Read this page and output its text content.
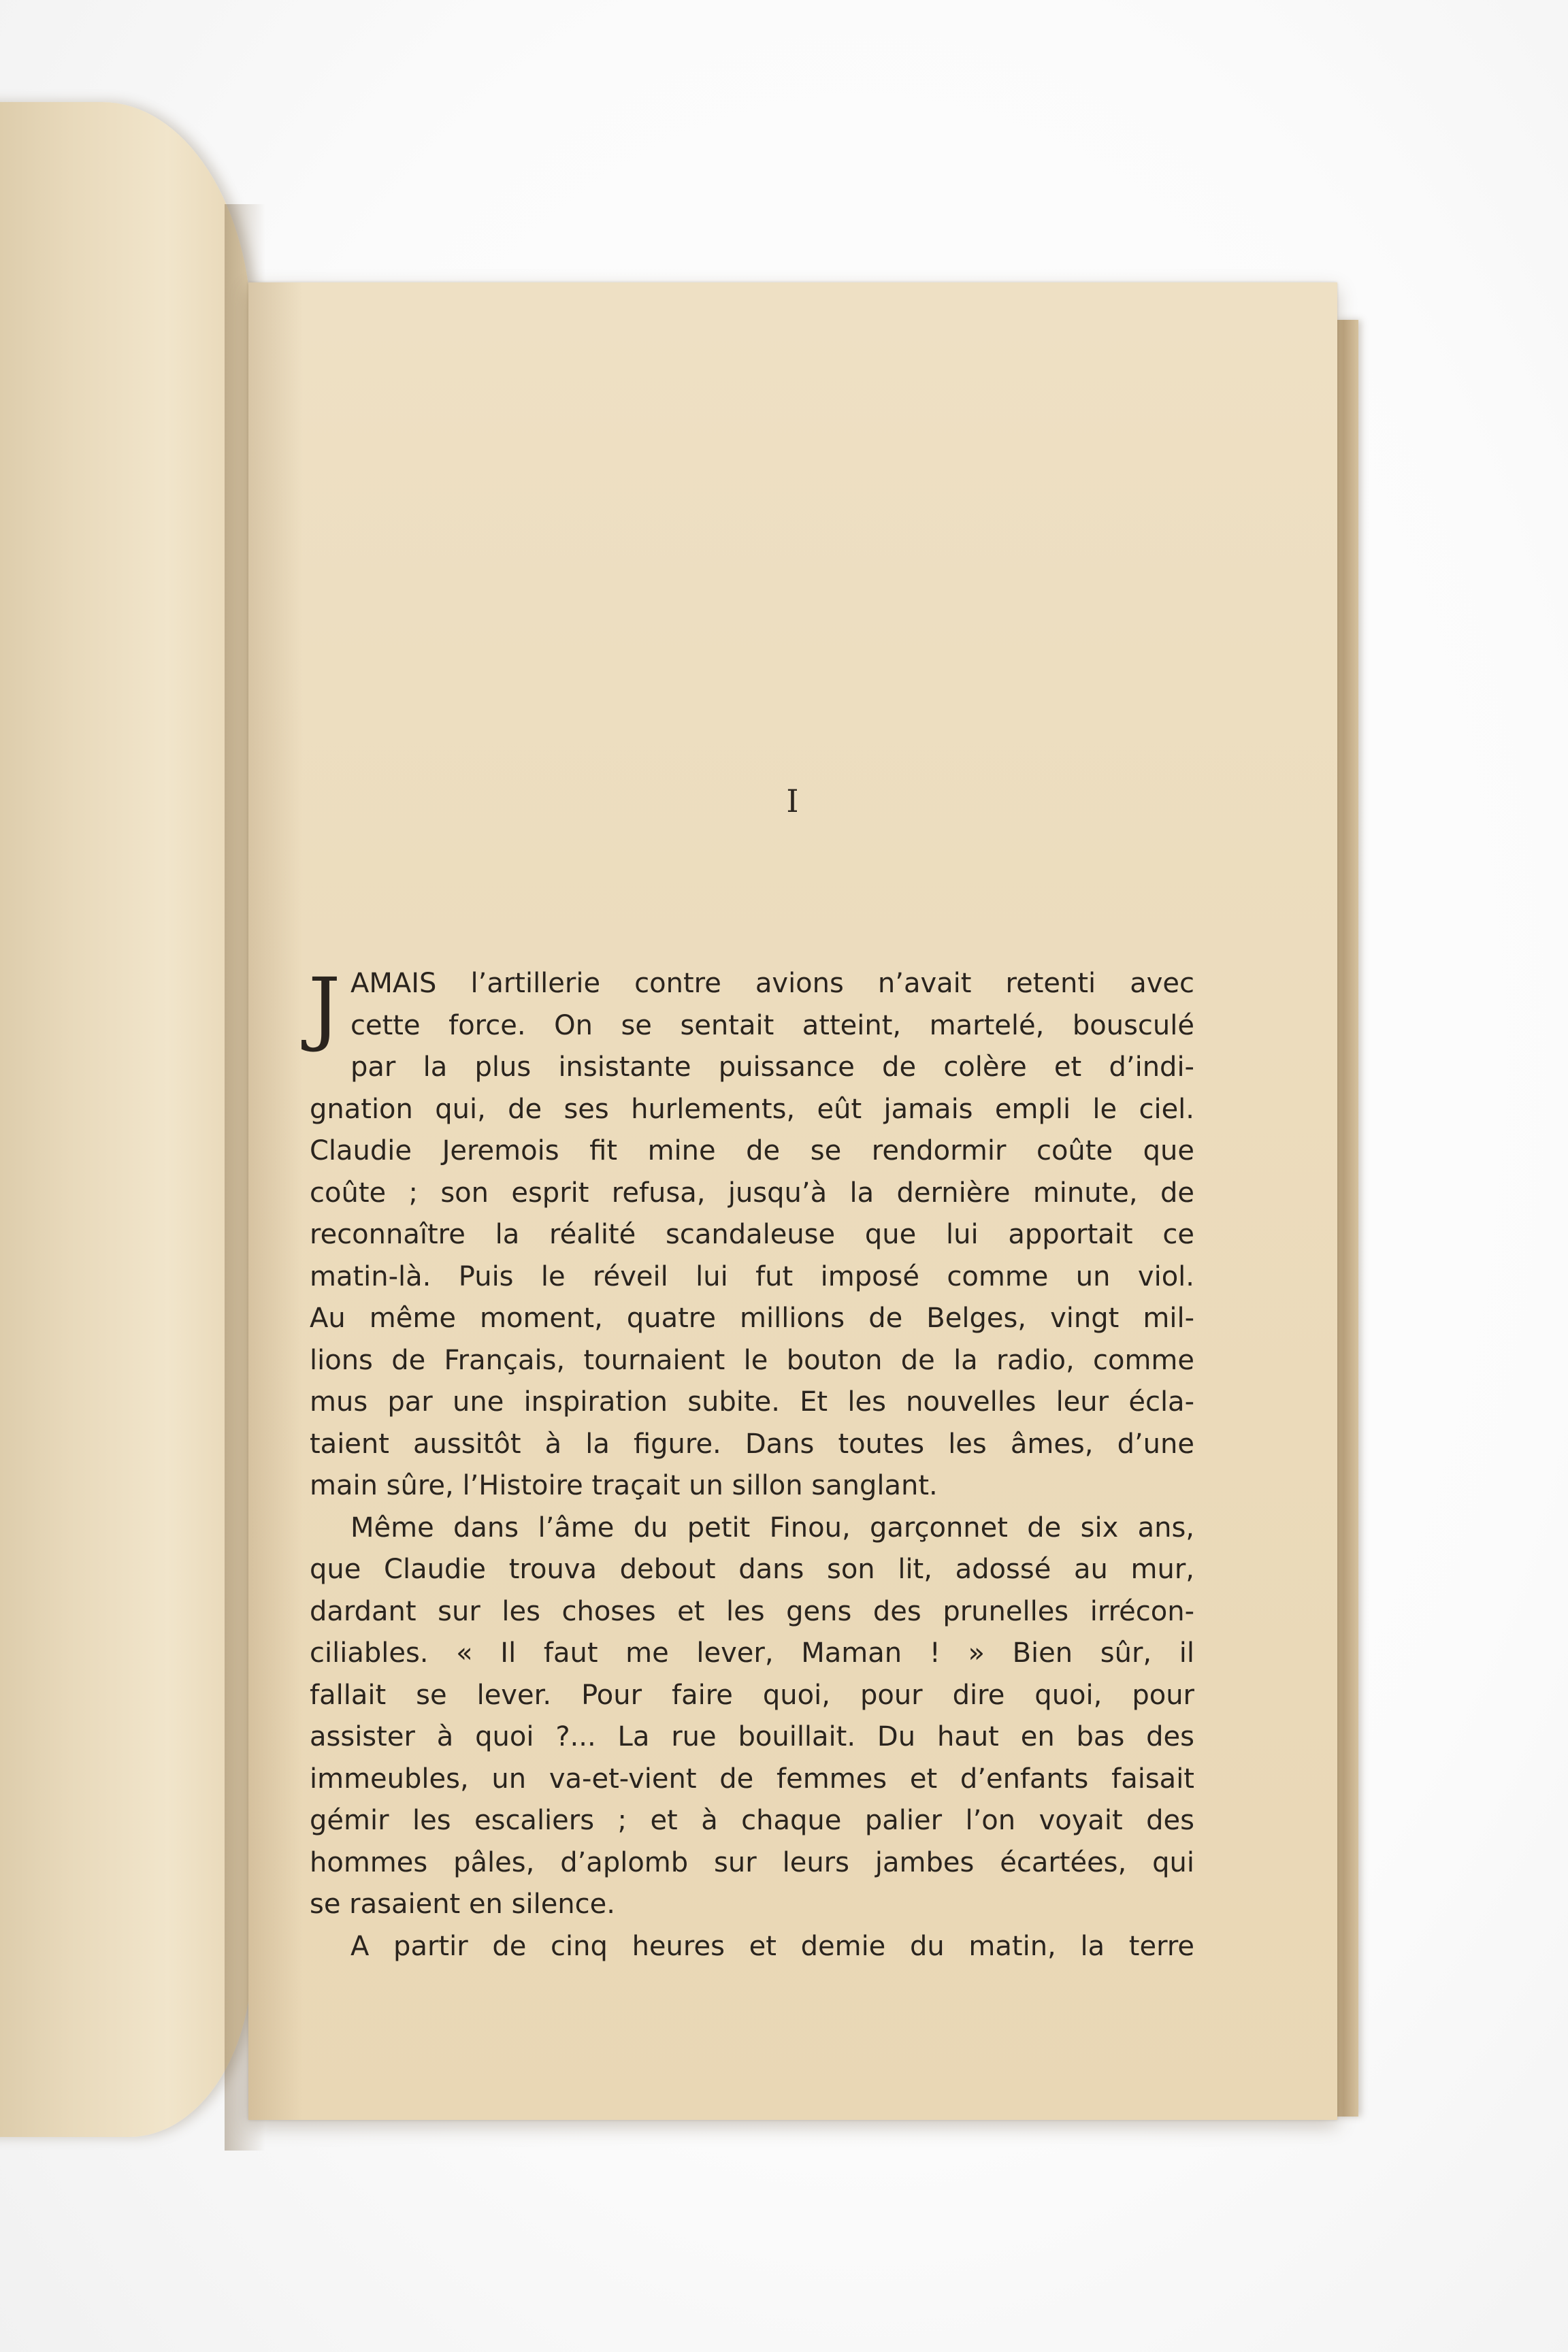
I
J AMAIS l’artillerie contre avions n’avait retenti avec
cette force. On se sentait atteint, martelé, bousculé
par la plus insistante puissance de colère et d’indi-
gnation qui, de ses hurlements, eût jamais empli le ciel.
Claudie Jeremois fit mine de se rendormir coûte que
coûte ; son esprit refusa, jusqu’à la dernière minute, de
reconnaître la réalité scandaleuse que lui apportait ce
matin-là. Puis le réveil lui fut imposé comme un viol.
Au même moment, quatre millions de Belges, vingt mil-
lions de Français, tournaient le bouton de la radio, comme
mus par une inspiration subite. Et les nouvelles leur écla-
taient aussitôt à la figure. Dans toutes les âmes, d’une
main sûre, l’Histoire traçait un sillon sanglant.
Même dans l’âme du petit Finou, garçonnet de six ans,
que Claudie trouva debout dans son lit, adossé au mur,
dardant sur les choses et les gens des prunelles irrécon-
ciliables. « Il faut me lever, Maman ! » Bien sûr, il
fallait se lever. Pour faire quoi, pour dire quoi, pour
assister à quoi ?... La rue bouillait. Du haut en bas des
immeubles, un va-et-vient de femmes et d’enfants faisait
gémir les escaliers ; et à chaque palier l’on voyait des
hommes pâles, d’aplomb sur leurs jambes écartées, qui
se rasaient en silence.
A partir de cinq heures et demie du matin, la terre
